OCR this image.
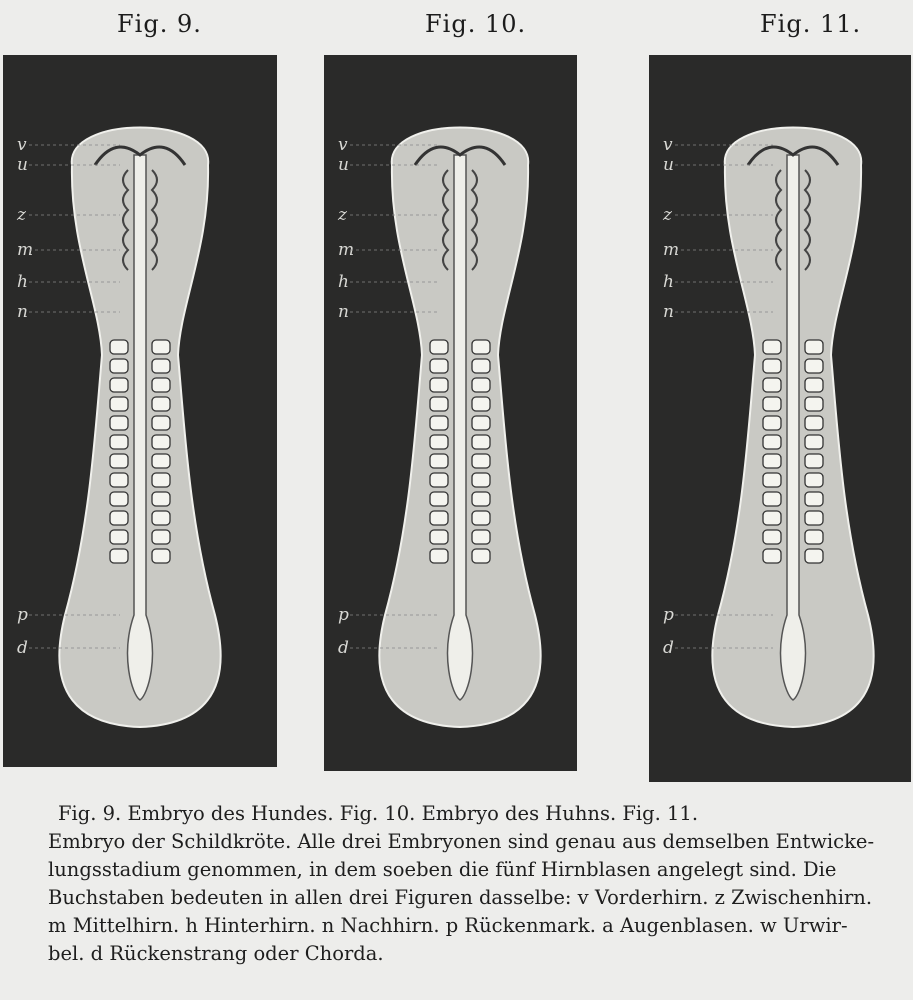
Fig. 9.	Fig. 10.	Fig. 11.
v
u
z
m
h
n
p
d
v
u
z
m
h
n
p
d
v
u
z
m
h
n
p
d
Fig. 9. Embryo des Hundes. Fig. 10. Embryo des Huhns. Fig. 11.
Embryo der Schildkröte. Alle drei Embryonen sind genau aus demselben Entwicke-
lungsstadium genommen, in dem soeben die fünf Hirnblasen angelegt sind. Die
Buchstaben bedeuten in allen drei Figuren dasselbe: v Vorderhirn. z Zwischenhirn.
m Mittelhirn. h Hinterhirn. n Nachhirn. p Rückenmark. a Augenblasen. w Urwir-
bel. d Rückenstrang oder Chorda.
